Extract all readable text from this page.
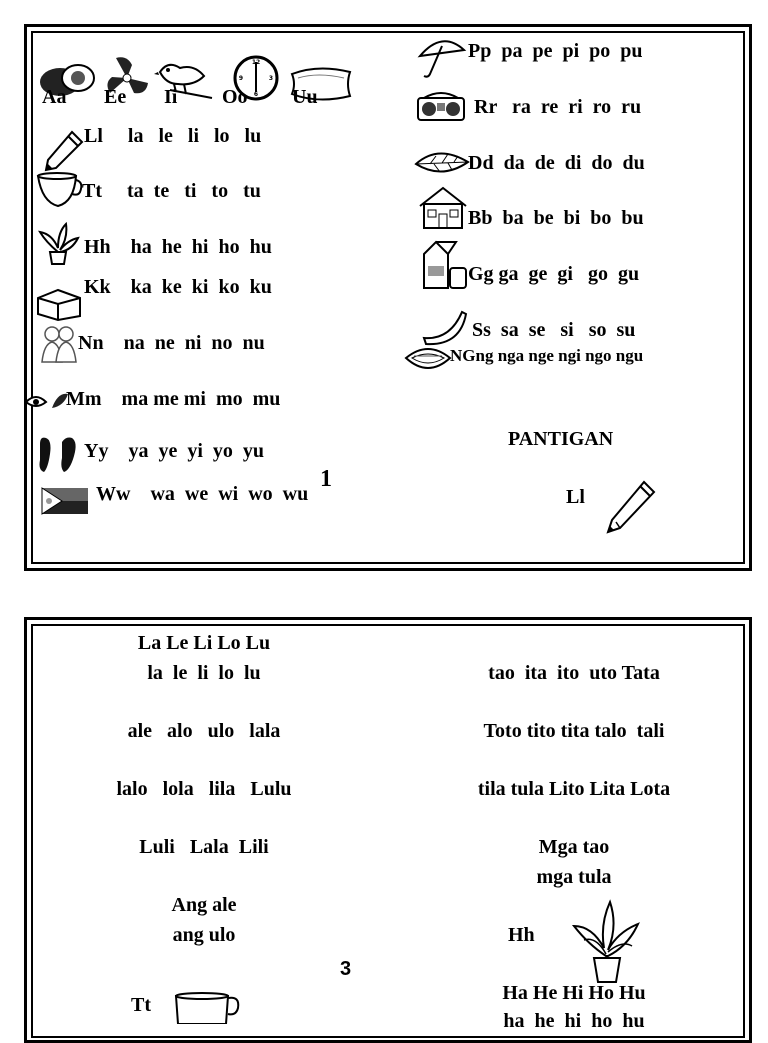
12
3
6
9
Aa Ee Ii Oo Uu
Ll     la   le   li   lo   lu
Tt     ta  te   ti   to   tu
Hh    ha  he  hi  ho  hu
Kk    ka  ke  ki  ko  ku
Nn    na  ne  ni  no  nu
Mm    ma me mi  mo  mu
Yy    ya  ye  yi  yo  yu
Ww    wa  we  wi  wo  wu
1
Pp  pa  pe  pi  po  pu
Rr   ra  re  ri  ro  ru
Dd  da  de  di  do  du
Bb  ba  be  bi  bo  bu
Gg ga  ge  gi   go  gu
Ss  sa  se   si   so  su
NGng nga nge ngi ngo ngu
PANTIGAN
Ll
La Le Li Lo Lu
la  le  li  lo  lu
ale   alo   ulo   lala
lalo   lola   lila   Lulu
Luli   Lala  Lili
Ang ale
ang ulo
Tt
3
tao  ita  ito  uto Tata
Toto tito tita talo  tali
tila tula Lito Lita Lota
Mga tao
mga tula
Hh
Ha He Hi Ho Hu
ha  he  hi  ho  hu
